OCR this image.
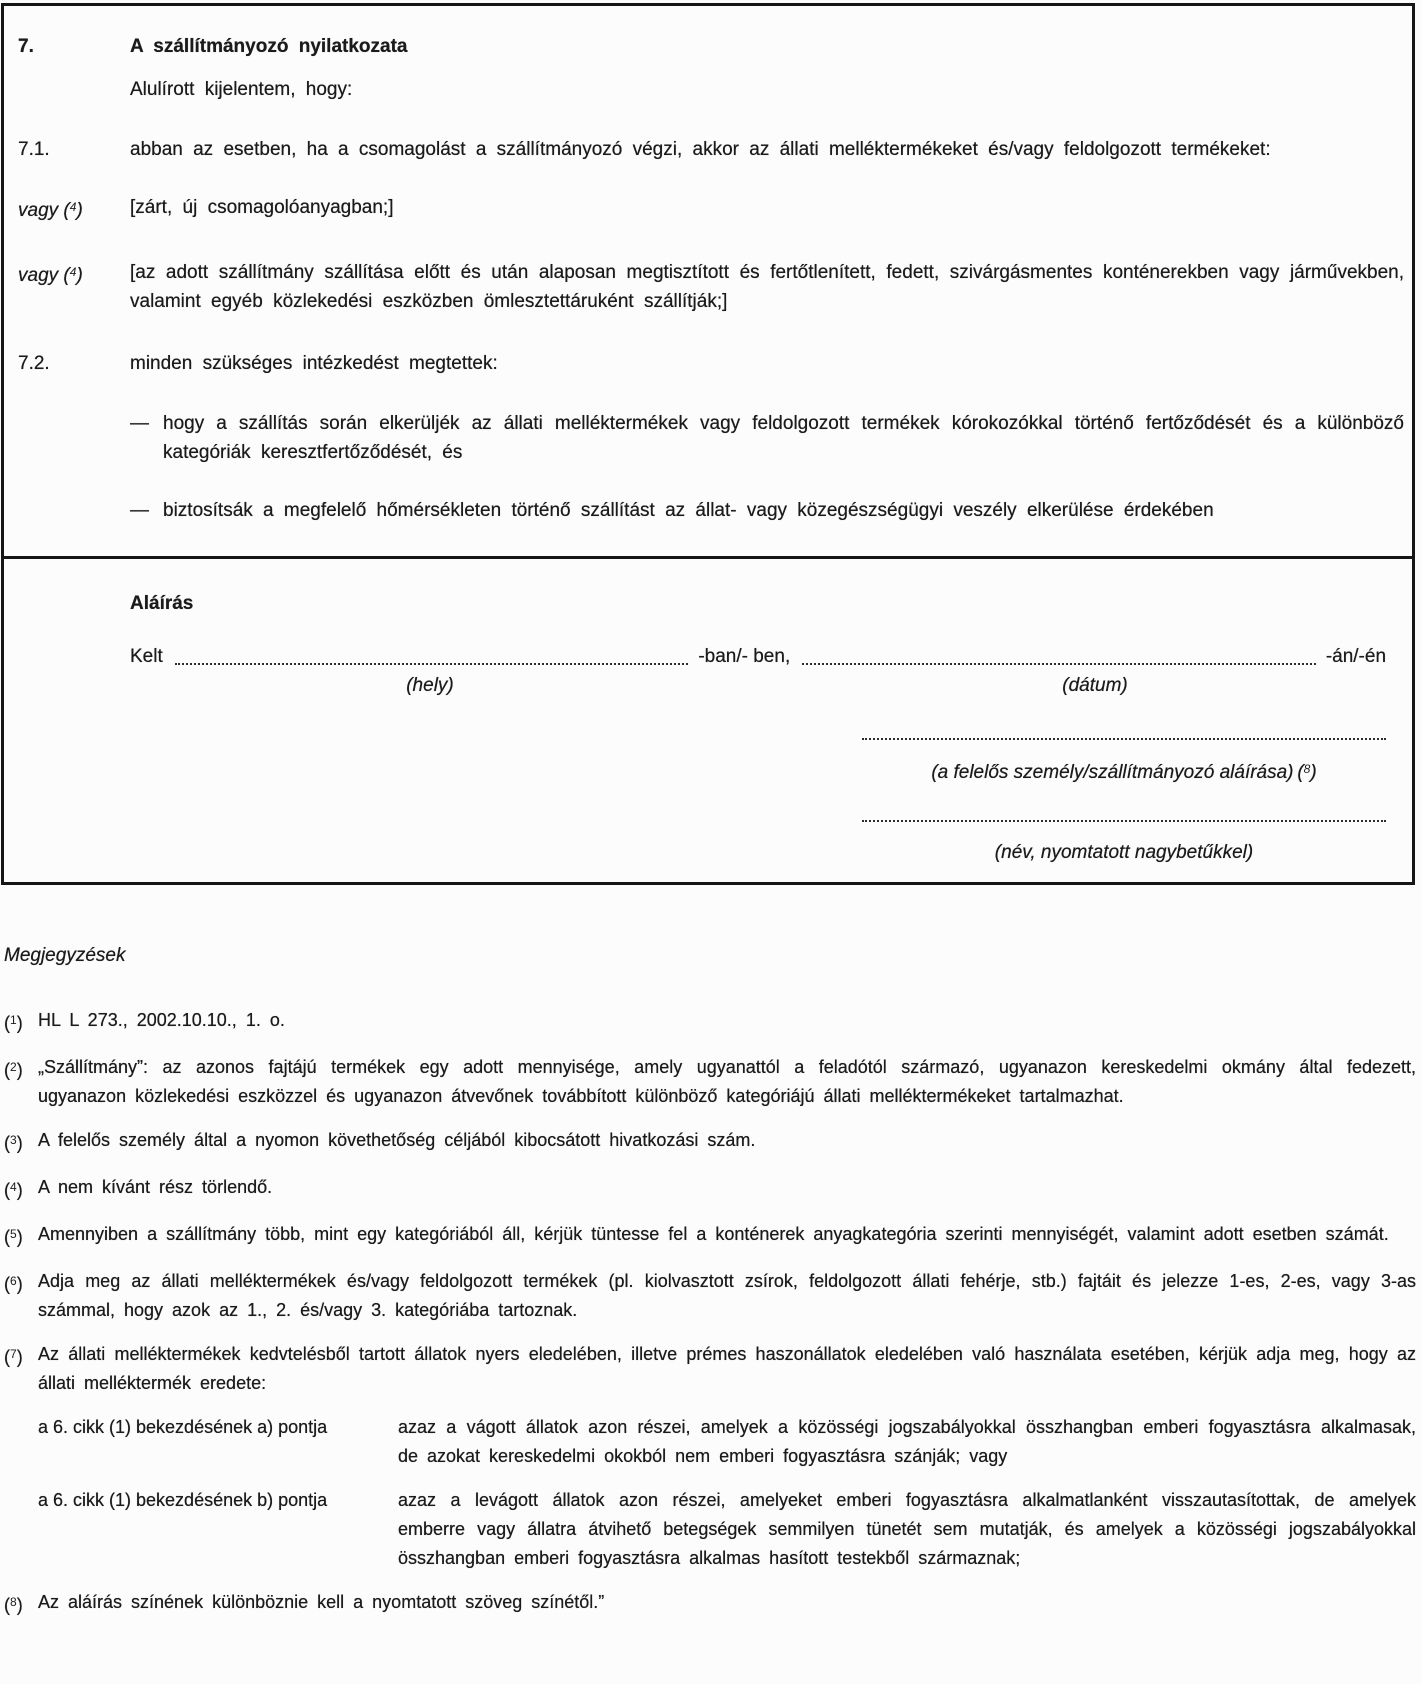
7.	A szállítmányozó nyilatkozata
Alulírott kijelentem, hogy:
7.1.	abban az esetben, ha a csomagolást a szállítmányozó végzi, akkor az állati melléktermékeket és/vagy feldolgozott termékeket:
vagy ($^4$)	[zárt, új csomagolóanyagban;]
vagy ($^4$)	[az adott szállítmány szállítása előtt és után alaposan megtisztított és fertőtlenített, fedett, szivárgásmentes konténerekben vagy járművekben, valamint egyéb közlekedési eszközben ömlesztettáruként szállítják;]
7.2.	minden szükséges intézkedést megtettek:
— hogy a szállítás során elkerüljék az állati melléktermékek vagy feldolgozott termékek kórokozókkal történő fertőződését és a különböző kategóriák keresztfertőződését, és
— biztosítsák a megfelelő hőmérsékleten történő szállítást az állat- vagy közegészségügyi veszély elkerülése érdekében
Aláírás
Kelt	-ban/- ben,	-án/-én
(hely)	(dátum)
(a felelős személy/szállítmányozó aláírása)  ($^8$)
(név, nyomtatott nagybetűkkel)
Megjegyzések
($^1$) HL L 273., 2002.10.10., 1. o.
($^2$) „Szállítmány”: az azonos fajtájú termékek egy adott mennyisége, amely ugyanattól a feladótól származó, ugyanazon kereskedelmi okmány által fedezett, ugyanazon közlekedési eszközzel és ugyanazon átvevőnek továbbított különböző kategóriájú állati melléktermékeket tartalmazhat.
($^3$) A felelős személy által a nyomon követhetőség céljából kibocsátott hivatkozási szám.
($^4$) A nem kívánt rész törlendő.
($^5$) Amennyiben a szállítmány több, mint egy kategóriából áll, kérjük tüntesse fel a konténerek anyagkategória szerinti mennyiségét, valamint adott esetben számát.
($^6$) Adja meg az állati melléktermékek és/vagy feldolgozott termékek (pl. kiolvasztott zsírok, feldolgozott állati fehérje, stb.) fajtáit és jelezze 1-es, 2-es, vagy 3-as számmal, hogy azok az 1., 2. és/vagy 3. kategóriába tartoznak.
($^7$) Az állati melléktermékek kedvtelésből tartott állatok nyers eledelében, illetve prémes haszonállatok eledelében való használata esetében, kérjük adja meg, hogy az állati melléktermék eredete:
a 6. cikk (1) bekezdésének a) pontja	azaz a vágott állatok azon részei, amelyek a közösségi jogszabályokkal összhangban emberi fogyasztásra alkalmasak, de azokat kereskedelmi okokból nem emberi fogyasztásra szánják; vagy
a 6. cikk (1) bekezdésének b) pontja	azaz a levágott állatok azon részei, amelyeket emberi fogyasztásra alkalmatlanként visszautasítottak, de amelyek emberre vagy állatra átvihető betegségek semmilyen tünetét sem mutatják, és amelyek a közösségi jogszabályokkal összhangban emberi fogyasztásra alkalmas hasított testekből származnak;
($^8$) Az aláírás színének különböznie kell a nyomtatott szöveg színétől.”
